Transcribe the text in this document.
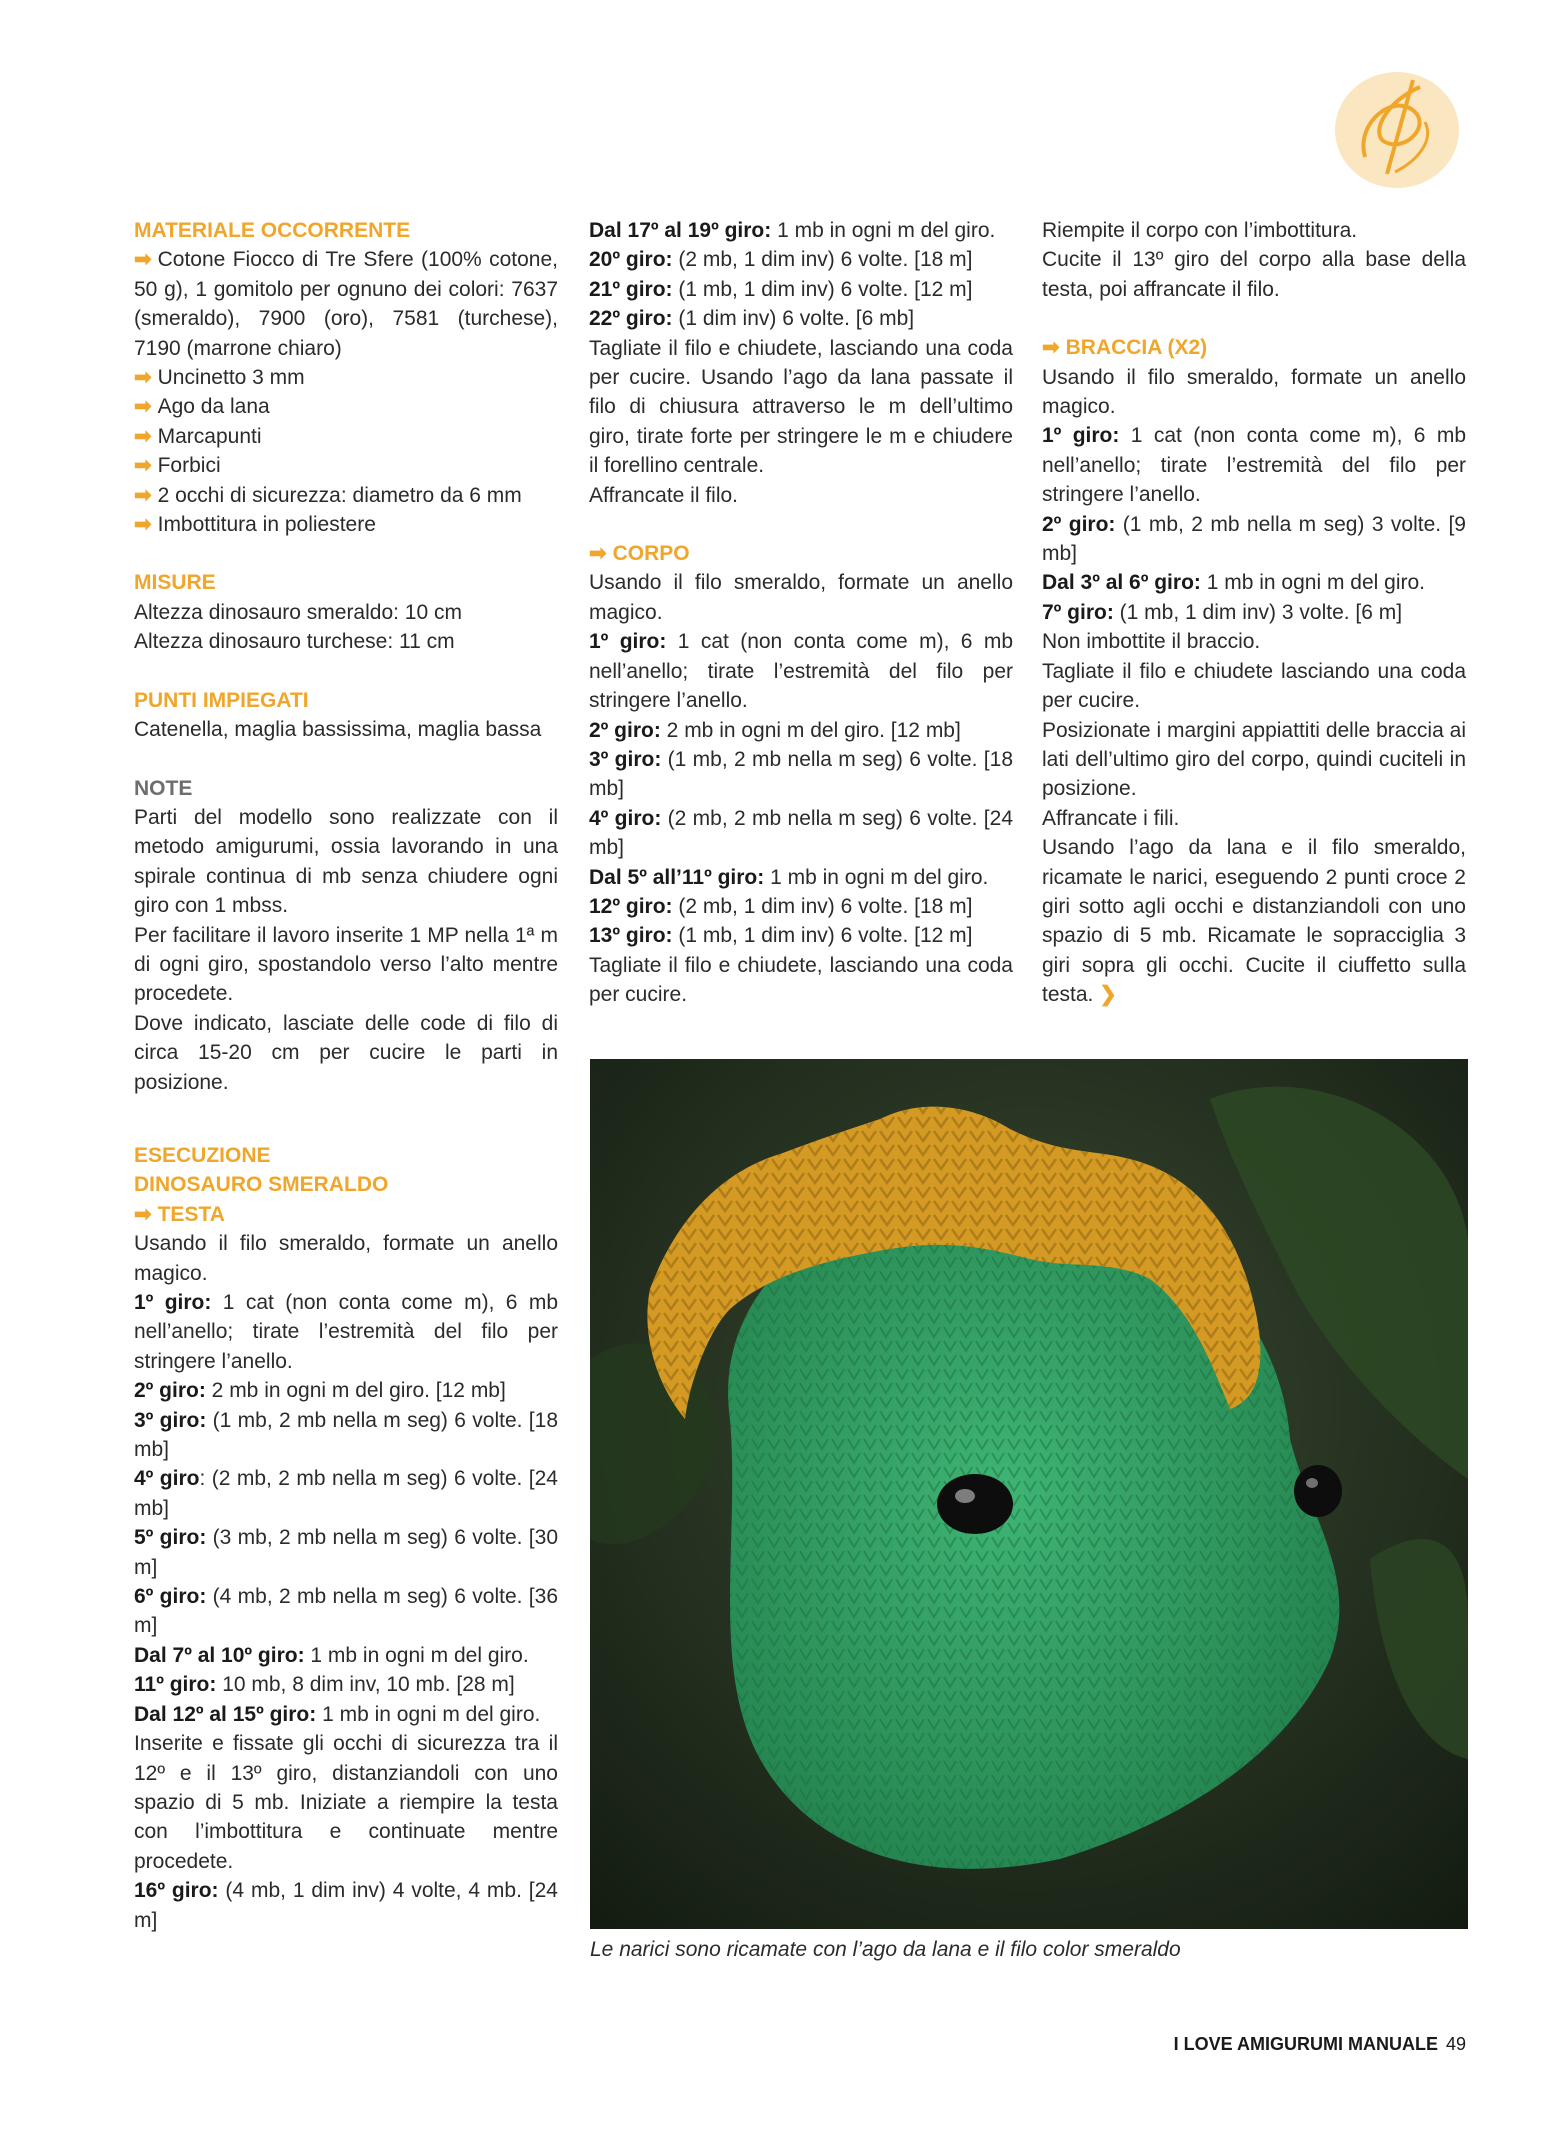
MATERIALE OCCORRENTE

➡ Cotone Fiocco di Tre Sfere (100% cotone, 50 g), 1 gomitolo per ognuno dei colori: 7637 (smeraldo), 7900 (oro), 7581 (turchese), 7190 (marrone chiaro)

➡ Uncinetto 3 mm

➡ Ago da lana

➡ Marcapunti

➡ Forbici

➡ 2 occhi di sicurezza: diametro da 6 mm

➡ Imbottitura in poliestere

MISURE

Altezza dinosauro smeraldo: 10 cm

Altezza dinosauro turchese: 11 cm

PUNTI IMPIEGATI

Catenella, maglia bassissima, maglia bassa

NOTE

Parti del modello sono realizzate con il metodo amigurumi, ossia lavorando in una spirale continua di mb senza chiudere ogni giro con 1 mbss.

Per facilitare il lavoro inserite 1 MP nella 1ª m di ogni giro, spostandolo verso l’alto mentre procedete.

Dove indicato, lasciate delle code di filo di circa 15-20 cm per cucire le parti in posizione.

ESECUZIONE

DINOSAURO SMERALDO

➡ TESTA

Usando il filo smeraldo, formate un anello magico.

1º giro: 1 cat (non conta come m), 6 mb nell’anello; tirate l’estremità del filo per stringere l’anello.

2º giro: 2 mb in ogni m del giro. [12 mb]

3º giro: (1 mb, 2 mb nella m seg) 6 volte. [18 mb]

4º giro: (2 mb, 2 mb nella m seg) 6 volte. [24 mb]

5º giro: (3 mb, 2 mb nella m seg) 6 volte. [30 m]

6º giro: (4 mb, 2 mb nella m seg) 6 volte. [36 m]

Dal 7º al 10º giro: 1 mb in ogni m del giro.

11º giro: 10 mb, 8 dim inv, 10 mb. [28 m]

Dal 12º al 15º giro: 1 mb in ogni m del giro.

Inserite e fissate gli occhi di sicurezza tra il 12º e il 13º giro, distanziandoli con uno spazio di 5 mb. Iniziate a riempire la testa con l’imbottitura e continuate mentre procedete.

16º giro: (4 mb, 1 dim inv) 4 volte, 4 mb. [24 m]

Dal 17º al 19º giro: 1 mb in ogni m del giro.

20º giro: (2 mb, 1 dim inv) 6 volte. [18 m]

21º giro: (1 mb, 1 dim inv) 6 volte. [12 m]

22º giro: (1 dim inv) 6 volte. [6 mb]

Tagliate il filo e chiudete, lasciando una coda per cucire. Usando l’ago da lana passate il filo di chiusura attraverso le m dell’ultimo giro, tirate forte per stringere le m e chiudere il forellino centrale.

Affrancate il filo.

➡ CORPO

Usando il filo smeraldo, formate un anello magico.

1º giro: 1 cat (non conta come m), 6 mb nell’anello; tirate l’estremità del filo per stringere l’anello.

2º giro: 2 mb in ogni m del giro. [12 mb]

3º giro: (1 mb, 2 mb nella m seg) 6 volte. [18 mb]

4º giro: (2 mb, 2 mb nella m seg) 6 volte. [24 mb]

Dal 5º all’11º giro: 1 mb in ogni m del giro.

12º giro: (2 mb, 1 dim inv) 6 volte. [18 m]

13º giro: (1 mb, 1 dim inv) 6 volte. [12 m]

Tagliate il filo e chiudete, lasciando una coda per cucire.

Riempite il corpo con l’imbottitura.

Cucite il 13º giro del corpo alla base della testa, poi affrancate il filo.

➡ BRACCIA (X2)

Usando il filo smeraldo, formate un anello magico.

1º giro: 1 cat (non conta come m), 6 mb nell’anello; tirate l’estremità del filo per stringere l’anello.

2º giro: (1 mb, 2 mb nella m seg) 3 volte. [9 mb]

Dal 3º al 6º giro: 1 mb in ogni m del giro.

7º giro: (1 mb, 1 dim inv) 3 volte. [6 m]

Non imbottite il braccio.

Tagliate il filo e chiudete lasciando una coda per cucire.

Posizionate i margini appiattiti delle braccia ai lati dell’ultimo giro del corpo, quindi cuciteli in posizione.

Affrancate i fili.

Usando l’ago da lana e il filo smeraldo, ricamate le narici, eseguendo 2 punti croce 2 giri sotto agli occhi e distanziandoli con uno spazio di 5 mb. Ricamate le sopracciglia 3 giri sopra gli occhi. Cucite il ciuffetto sulla testa. ❯

Le narici sono ricamate con l’ago da lana e il filo color smeraldo

I LOVE AMIGURUMI MANUALE 49
